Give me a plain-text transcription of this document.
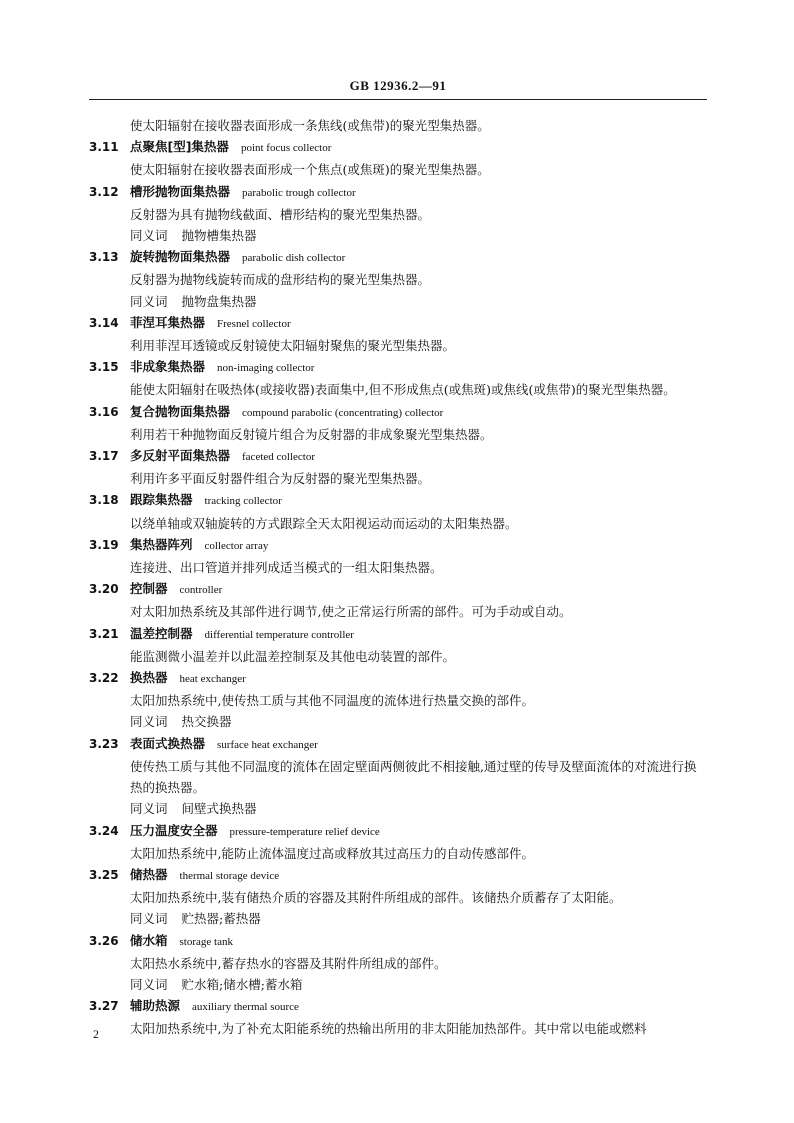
GB 12936.2—91
使太阳辐射在接收器表面形成一条焦线(或焦带)的聚光型集热器。
3.11 点聚焦[型]集热器 point focus collector
使太阳辐射在接收器表面形成一个焦点(或焦斑)的聚光型集热器。
3.12 槽形抛物面集热器 parabolic trough collector
反射器为具有抛物线截面、槽形结构的聚光型集热器。
同义词 抛物槽集热器
3.13 旋转抛物面集热器 parabolic dish collector
反射器为抛物线旋转而成的盘形结构的聚光型集热器。
同义词 抛物盘集热器
3.14 菲涅耳集热器 Fresnel collector
利用菲涅耳透镜或反射镜使太阳辐射聚焦的聚光型集热器。
3.15 非成象集热器 non-imaging collector
能使太阳辐射在吸热体(或接收器)表面集中,但不形成焦点(或焦斑)或焦线(或焦带)的聚光型集热器。
3.16 复合抛物面集热器 compound parabolic (concentrating) collector
利用若干种抛物面反射镜片组合为反射器的非成象聚光型集热器。
3.17 多反射平面集热器 faceted collector
利用许多平面反射器件组合为反射器的聚光型集热器。
3.18 跟踪集热器 tracking collector
以绕单轴或双轴旋转的方式跟踪全天太阳视运动而运动的太阳集热器。
3.19 集热器阵列 collector array
连接进、出口管道并排列成适当模式的一组太阳集热器。
3.20 控制器 controller
对太阳加热系统及其部件进行调节,使之正常运行所需的部件。可为手动或自动。
3.21 温差控制器 differential temperature controller
能监测微小温差并以此温差控制泵及其他电动装置的部件。
3.22 换热器 heat exchanger
太阳加热系统中,使传热工质与其他不同温度的流体进行热量交换的部件。
同义词 热交换器
3.23 表面式换热器 surface heat exchanger
使传热工质与其他不同温度的流体在固定壁面两侧彼此不相接触,通过壁的传导及壁面流体的对流进行换热的换热器。
同义词 间壁式换热器
3.24 压力温度安全器 pressure-temperature relief device
太阳加热系统中,能防止流体温度过高或释放其过高压力的自动传感部件。
3.25 储热器 thermal storage device
太阳加热系统中,装有储热介质的容器及其附件所组成的部件。该储热介质蓄存了太阳能。
同义词 贮热器;蓄热器
3.26 储水箱 storage tank
太阳热水系统中,蓄存热水的容器及其附件所组成的部件。
同义词 贮水箱;储水槽;蓄水箱
3.27 辅助热源 auxiliary thermal source
太阳加热系统中,为了补充太阳能系统的热输出所用的非太阳能加热部件。其中常以电能或燃料
2
